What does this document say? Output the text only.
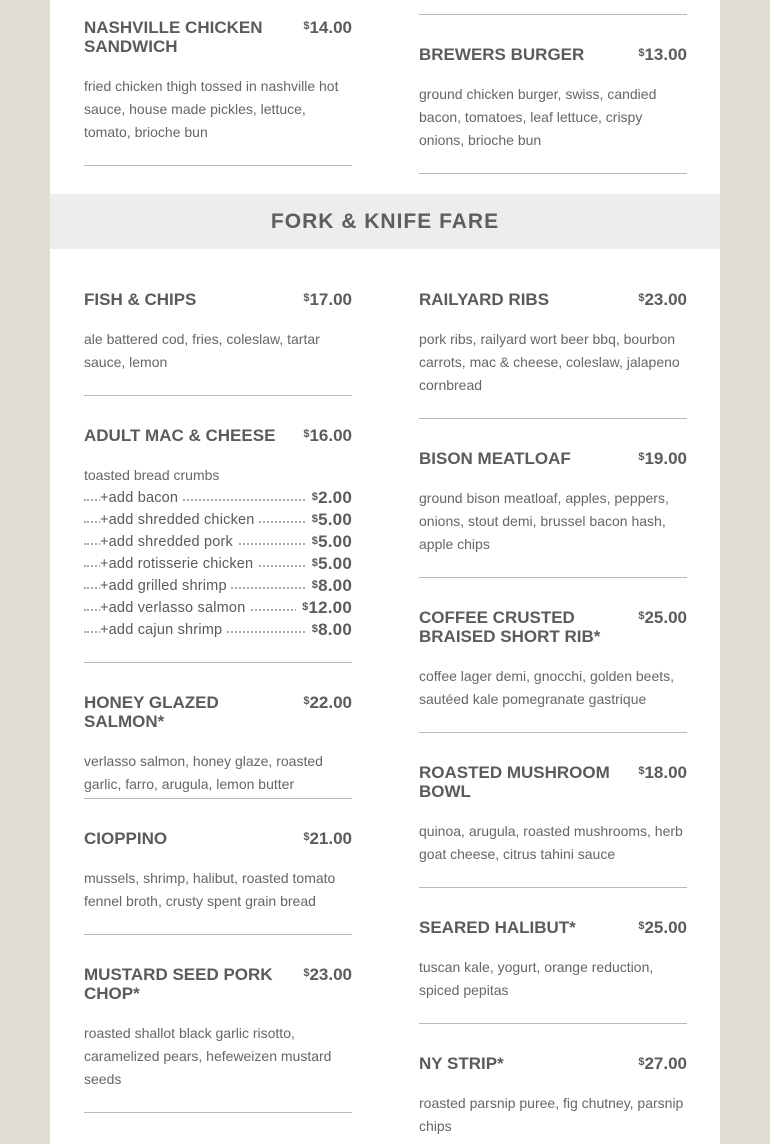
NASHVILLE CHICKEN SANDWICH
$14.00
fried chicken thigh tossed in nashville hot sauce, house made pickles, lettuce, tomato, brioche bun
BREWERS BURGER	$13.00
ground chicken burger, swiss, candied bacon, tomatoes, leaf lettuce, crispy onions, brioche bun
FORK & KNIFE FARE
FISH & CHIPS	$17.00
ale battered cod, fries, coleslaw, tartar sauce, lemon
ADULT MAC & CHEESE	$16.00
toasted bread crumbs
+add bacon	$2.00
+add shredded chicken	$5.00
+add shredded pork	$5.00
+add rotisserie chicken	$5.00
+add grilled shrimp	$8.00
+add verlasso salmon	$12.00
+add cajun shrimp	$8.00
HONEY GLAZED SALMON*
$22.00
verlasso salmon, honey glaze, roasted garlic, farro, arugula, lemon butter
CIOPPINO	$21.00
mussels, shrimp, halibut, roasted tomato fennel broth, crusty spent grain bread
MUSTARD SEED PORK CHOP*
$23.00
roasted shallot black garlic risotto, caramelized pears, hefeweizen mustard seeds
RAILYARD RIBS	$23.00
pork ribs, railyard wort beer bbq, bourbon carrots, mac & cheese, coleslaw, jalapeno cornbread
BISON MEATLOAF	$19.00
ground bison meatloaf, apples, peppers, onions, stout demi, brussel bacon hash, apple chips
COFFEE CRUSTED BRAISED SHORT RIB*
$25.00
coffee lager demi, gnocchi, golden beets, sautéed kale pomegranate gastrique
ROASTED MUSHROOM BOWL
$18.00
quinoa, arugula, roasted mushrooms, herb goat cheese, citrus tahini sauce
SEARED HALIBUT*	$25.00
tuscan kale, yogurt, orange reduction, spiced pepitas
NY STRIP*	$27.00
roasted parsnip puree, fig chutney, parsnip chips
